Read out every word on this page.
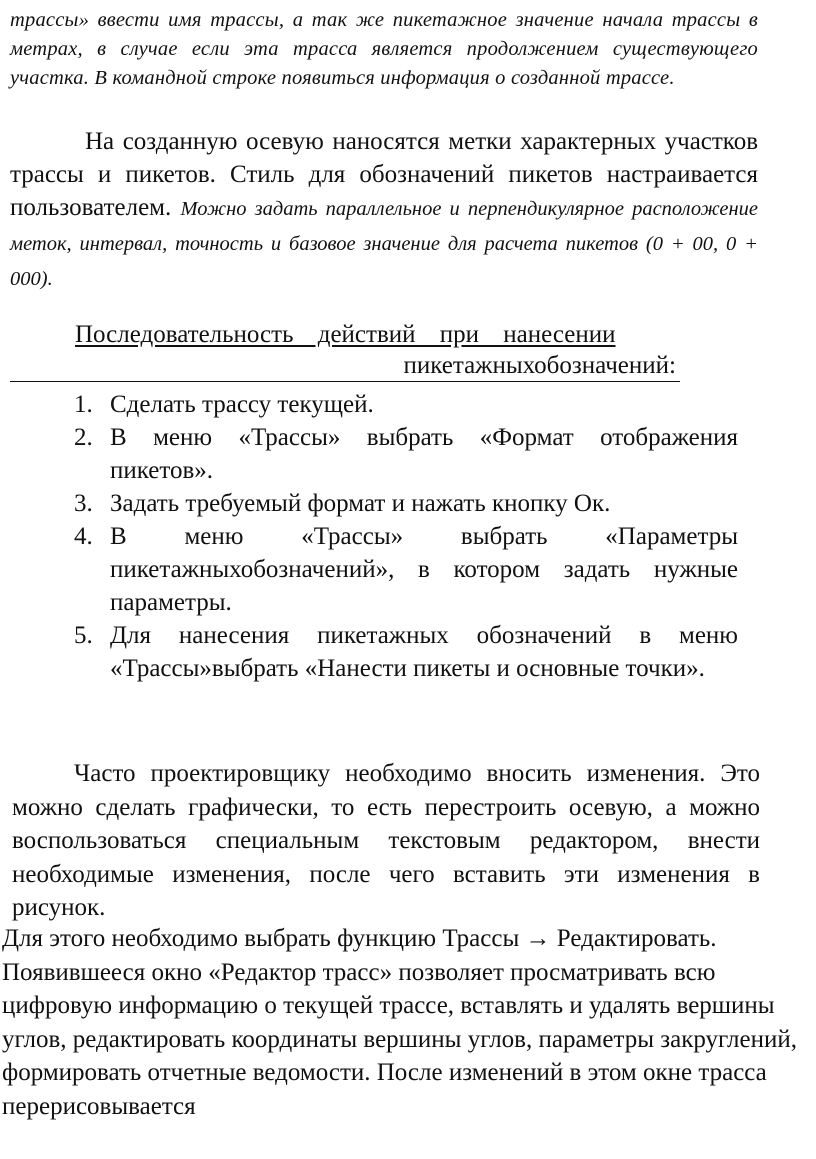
трассы» ввести имя трассы, а так же пикетажное значение начала трассы в метрах, в случае если эта трасса является продолжением существующего участка. В командной строке появиться информация о созданной трассе.
На созданную осевую наносятся метки характерных участков трассы и пикетов. Стиль для обозначений пикетов настраивается пользователем. Можно задать параллельное и перпендикулярное расположение меток, интервал, точность и базовое значение для расчета пикетов (0 + 00, 0 + 000).
Последовательность действий при нанесении
пикетажныхобозначений:
1. Сделать трассу текущей.
2. В меню «Трассы» выбрать «Формат отображения пикетов».
3. Задать требуемый формат и нажать кнопку Ок.
4. В меню «Трассы» выбрать «Параметры пикетажныхобозначений», в котором задать нужные параметры.
5. Для нанесения пикетажных обозначений в меню «Трассы»выбрать «Нанести пикеты и основные точки».
Часто проектировщику необходимо вносить изменения. Это можно сделать графически, то есть перестроить осевую, а можно воспользоваться специальным текстовым редактором, внести необходимые изменения, после чего вставить эти изменения в рисунок.
Для этого необходимо выбрать функцию Трассы → Редактировать. Появившееся окно «Редактор трасс» позволяет просматривать всю цифровую информацию о текущей трассе, вставлять и удалять вершины углов, редактировать координаты вершины углов, параметры закруглений, формировать отчетные ведомости. После изменений в этом окне трасса перерисовывается
